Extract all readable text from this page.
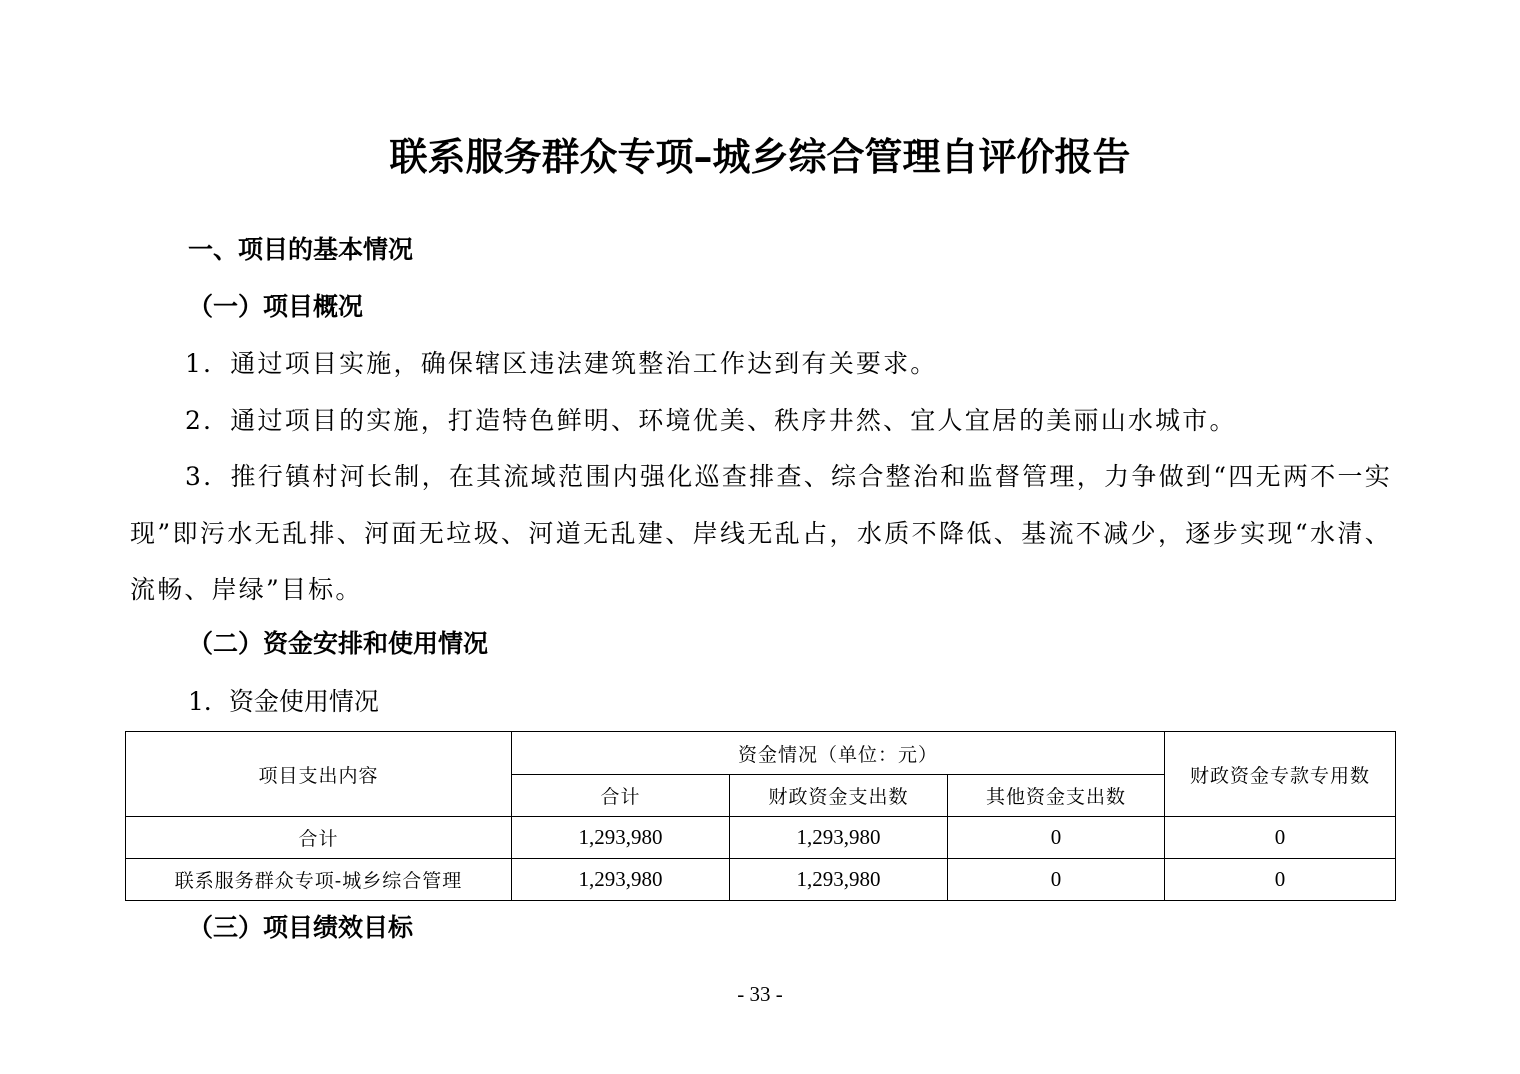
联系服务群众专项–城乡综合管理自评价报告
一、项目的基本情况
（一）项目概况
1．通过项目实施，确保辖区违法建筑整治工作达到有关要求。
2．通过项目的实施，打造特色鲜明、环境优美、秩序井然、宜人宜居的美丽山水城市。
3．推行镇村河长制，在其流域范围内强化巡查排查、综合整治和监督管理，力争做到“四无两不一实现”即污水无乱排、河面无垃圾、河道无乱建、岸线无乱占，水质不降低、基流不减少，逐步实现“水清、流畅、岸绿”目标。
（二）资金安排和使用情况
1．资金使用情况
项目支出内容	资金情况（单位：元）			财政资金专款专用数
	合计	财政资金支出数	其他资金支出数	
合计	1,293,980	1,293,980	0	0
联系服务群众专项-城乡综合管理	1,293,980	1,293,980	0	0
（三）项目绩效目标
- 33 -
